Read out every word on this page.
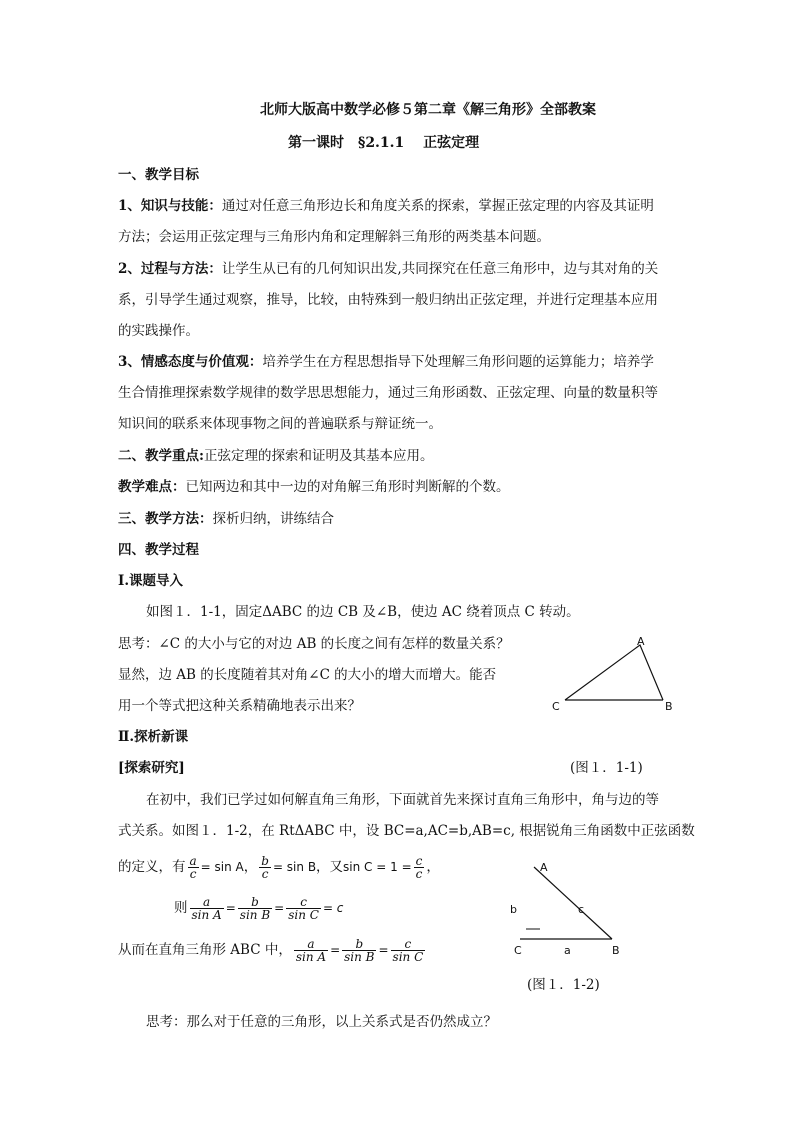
北师大版高中数学必修５第二章《解三角形》全部教案
第一课时　§2.1.1　 正弦定理
一、教学目标
1、知识与技能：通过对任意三角形边长和角度关系的探索，掌握正弦定理的内容及其证明
方法；会运用正弦定理与三角形内角和定理解斜三角形的两类基本问题。
2、过程与方法：让学生从已有的几何知识出发,共同探究在任意三角形中，边与其对角的关
系，引导学生通过观察，推导，比较，由特殊到一般归纳出正弦定理，并进行定理基本应用
的实践操作。
3、情感态度与价值观：培养学生在方程思想指导下处理解三角形问题的运算能力；培养学
生合情推理探索数学规律的数学思思想能力，通过三角形函数、正弦定理、向量的数量积等
知识间的联系来体现事物之间的普遍联系与辩证统一。
二、教学重点:正弦定理的探索和证明及其基本应用。
教学难点：已知两边和其中一边的对角解三角形时判断解的个数。
三、教学方法：探析归纳，讲练结合
四、教学过程
Ⅰ.课题导入
如图１．1-1，固定ΔABC 的边 CB 及∠B，使边 AC 绕着顶点 C 转动。
思考：∠C 的大小与它的对边 AB 的长度之间有怎样的数量关系？
显然，边 AB 的长度随着其对角∠C 的大小的增大而增大。能否
用一个等式把这种关系精确地表示出来？
A
C	B
Ⅱ.探析新课
[探索研究]	(图１．1-1)
在初中，我们已学过如何解直角三角形，下面就首先来探讨直角三角形中，角与边的等
式关系。如图１．1-2，在 RtΔABC 中，设 BC=a,AC=b,AB=c, 根据锐角三角函数中正弦函数
的定义，有 $\frac{a}{c} = \sin A$， $\frac{b}{c} = \sin B$，又$\sin C = 1 = \frac{c}{c}$ ，
则 $\frac{a}{\text{sin A}} = \frac{b}{\text{sin B}} = \frac{c}{\text{sin C}} = c$
从而在直角三角形 ABC 中， $\frac{a}{\text{sin A}} = \frac{b}{\text{sin B}} = \frac{c}{\text{sin C}}$
A
b	c
C	a	B
(图１．1-2)
思考：那么对于任意的三角形，以上关系式是否仍然成立？
